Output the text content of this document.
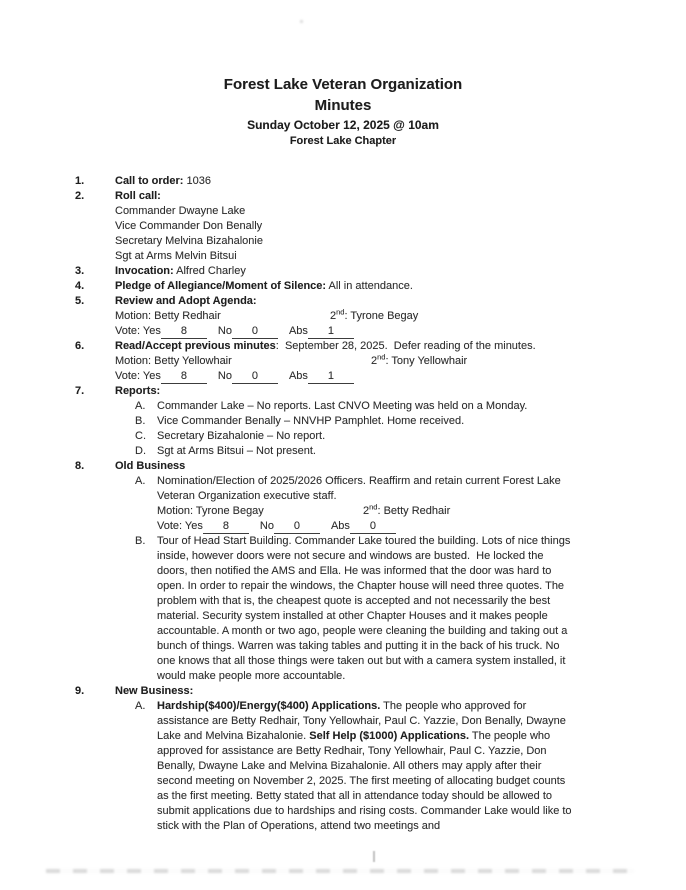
Forest Lake Veteran Organization
Minutes
Sunday October 12, 2025 @ 10am
Forest Lake Chapter
1.	Call to order: 1036
2.	Roll call:
Commander Dwayne Lake
Vice Commander Don Benally
Secretary Melvina Bizahalonie
Sgt at Arms Melvin Bitsui
3.	Invocation: Alfred Charley
4.	Pledge of Allegiance/Moment of Silence: All in attendance.
5.	Review and Adopt Agenda:
Motion: Betty Redhair	2nd: Tyrone Begay
Vote: Yes 8	No 0	Abs 1
6.	Read/Accept previous minutes:  September 28, 2025.  Defer reading of the minutes.
Motion: Betty Yellowhair	2nd: Tony Yellowhair
Vote: Yes 8	No 0	Abs 1
7.	Reports:
A.	Commander Lake – No reports. Last CNVO Meeting was held on a Monday.
B.	Vice Commander Benally – NNVHP Pamphlet. Home received.
C.	Secretary Bizahalonie – No report.
D.	Sgt at Arms Bitsui – Not present.
8.	Old Business
A.	Nomination/Election of 2025/2026 Officers. Reaffirm and retain current Forest Lake Veteran Organization executive staff.
Motion: Tyrone Begay	2nd: Betty Redhair
Vote: Yes 8	No 0	Abs 0
B.	Tour of Head Start Building. Commander Lake toured the building. Lots of nice things inside, however doors were not secure and windows are busted.  He locked the doors, then notified the AMS and Ella. He was informed that the door was hard to open. In order to repair the windows, the Chapter house will need three quotes. The problem with that is, the cheapest quote is accepted and not necessarily the best material. Security system installed at other Chapter Houses and it makes people accountable. A month or two ago, people were cleaning the building and taking out a bunch of things. Warren was taking tables and putting it in the back of his truck. No one knows that all those things were taken out but with a camera system installed, it would make people more accountable.
9.	New Business:
A.	Hardship($400)/Energy($400) Applications. The people who approved for assistance are Betty Redhair, Tony Yellowhair, Paul C. Yazzie, Don Benally, Dwayne Lake and Melvina Bizahalonie. Self Help ($1000) Applications. The people who approved for assistance are Betty Redhair, Tony Yellowhair, Paul C. Yazzie, Don Benally, Dwayne Lake and Melvina Bizahalonie. All others may apply after their second meeting on November 2, 2025. The first meeting of allocating budget counts as the first meeting. Betty stated that all in attendance today should be allowed to submit applications due to hardships and rising costs. Commander Lake would like to stick with the Plan of Operations, attend two meetings and
